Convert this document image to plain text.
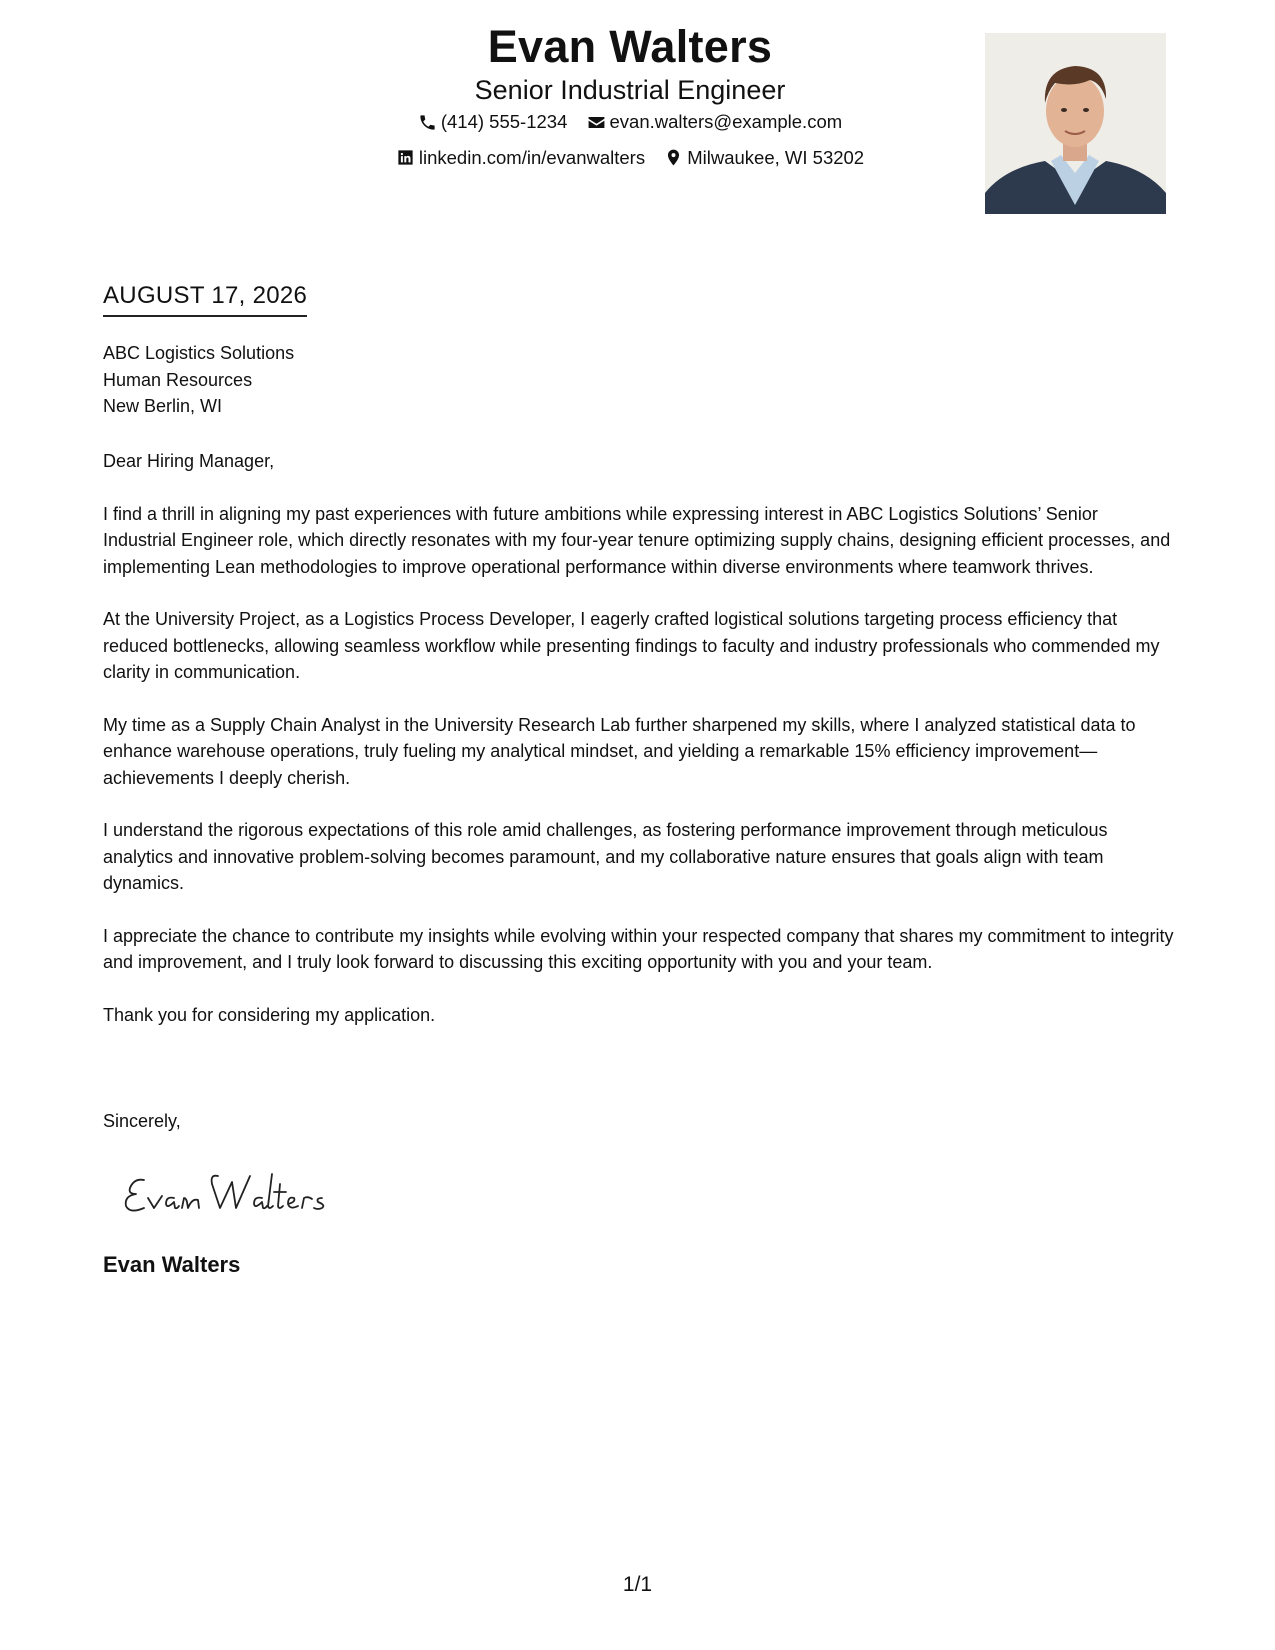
Evan Walters
Senior Industrial Engineer
(414) 555-1234
evan.walters@example.com
linkedin.com/in/evanwalters
Milwaukee, WI 53202
AUGUST 17, 2026
ABC Logistics Solutions
Human Resources
New Berlin, WI

Dear Hiring Manager,

I find a thrill in aligning my past experiences with future ambitions while expressing interest in ABC Logistics Solutions’ Senior Industrial Engineer role, which directly resonates with my four-year tenure optimizing supply chains, designing efficient processes, and implementing Lean methodologies to improve operational performance within diverse environments where teamwork thrives.

At the University Project, as a Logistics Process Developer, I eagerly crafted logistical solutions targeting process efficiency that reduced bottlenecks, allowing seamless workflow while presenting findings to faculty and industry professionals who commended my clarity in communication.

My time as a Supply Chain Analyst in the University Research Lab further sharpened my skills, where I analyzed statistical data to enhance warehouse operations, truly fueling my analytical mindset, and yielding a remarkable 15% efficiency improvement—achievements I deeply cherish.

I understand the rigorous expectations of this role amid challenges, as fostering performance improvement through meticulous analytics and innovative problem-solving becomes paramount, and my collaborative nature ensures that goals align with team dynamics.

I appreciate the chance to contribute my insights while evolving within your respected company that shares my commitment to integrity and improvement, and I truly look forward to discussing this exciting opportunity with you and your team.

Thank you for considering my application.

Sincerely,
Evan Walters
1/1
